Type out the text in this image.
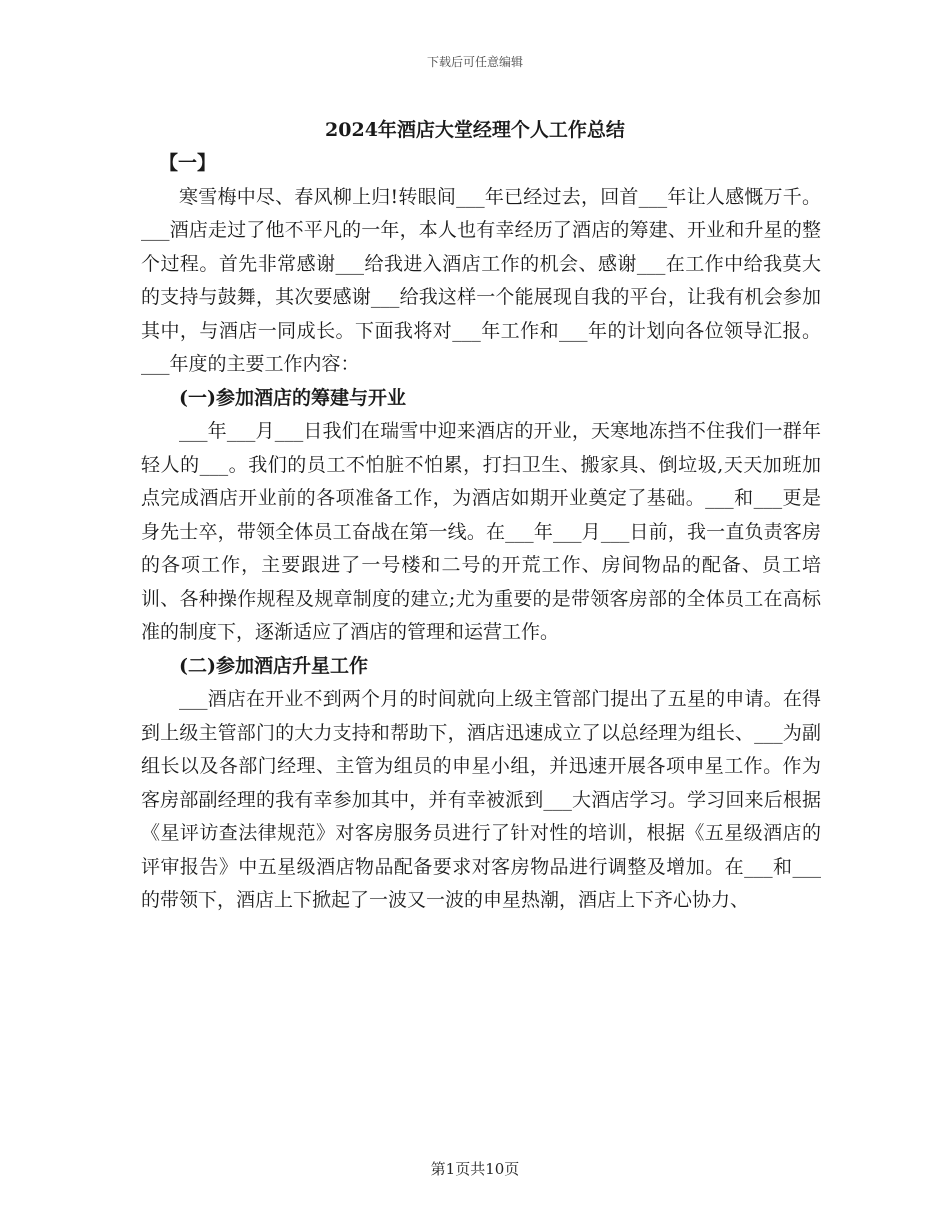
下载后可任意编辑
2024年酒店大堂经理个人工作总结
【一】

寒雪梅中尽、春风柳上归!转眼间___年已经过去，回首___年让人感慨万千。___酒店走过了他不平凡的一年，本人也有幸经历了酒店的筹建、开业和升星的整个过程。首先非常感谢___给我进入酒店工作的机会、感谢___在工作中给我莫大的支持与鼓舞，其次要感谢___给我这样一个能展现自我的平台，让我有机会参加其中，与酒店一同成长。下面我将对___年工作和___年的计划向各位领导汇报。___年度的主要工作内容：

(一)参加酒店的筹建与开业

___年___月___日我们在瑞雪中迎来酒店的开业，天寒地冻挡不住我们一群年轻人的___。我们的员工不怕脏不怕累，打扫卫生、搬家具、倒垃圾,天天加班加点完成酒店开业前的各项准备工作，为酒店如期开业奠定了基础。___和___更是身先士卒，带领全体员工奋战在第一线。在___年___月___日前，我一直负责客房的各项工作，主要跟进了一号楼和二号的开荒工作、房间物品的配备、员工培训、各种操作规程及规章制度的建立;尤为重要的是带领客房部的全体员工在高标准的制度下，逐渐适应了酒店的管理和运营工作。

(二)参加酒店升星工作

___酒店在开业不到两个月的时间就向上级主管部门提出了五星的申请。在得到上级主管部门的大力支持和帮助下，酒店迅速成立了以总经理为组长、___为副组长以及各部门经理、主管为组员的申星小组，并迅速开展各项申星工作。作为客房部副经理的我有幸参加其中，并有幸被派到___大酒店学习。学习回来后根据《星评访查法律规范》对客房服务员进行了针对性的培训，根据《五星级酒店的评审报告》中五星级酒店物品配备要求对客房物品进行调整及增加。在___和___的带领下，酒店上下掀起了一波又一波的申星热潮，酒店上下齐心协力、

第1页共10页
